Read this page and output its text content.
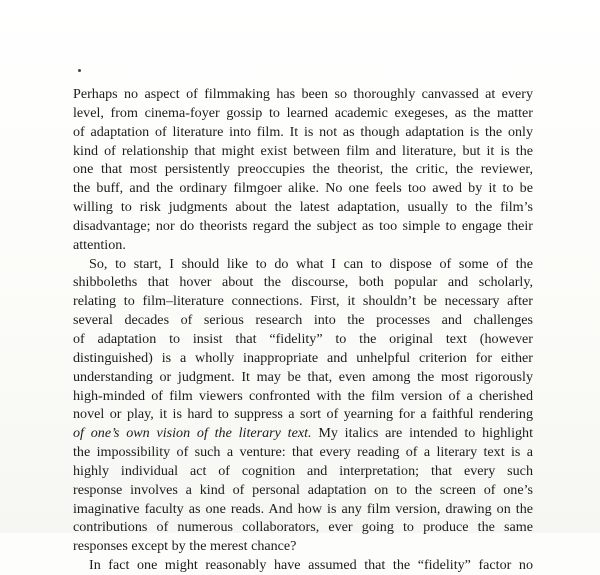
Perhaps no aspect of filmmaking has been so thoroughly canvassed at every
level, from cinema-foyer gossip to learned academic exegeses, as the matter
of adaptation of literature into film. It is not as though adaptation is the only
kind of relationship that might exist between film and literature, but it is the
one that most persistently preoccupies the theorist, the critic, the reviewer,
the buff, and the ordinary filmgoer alike. No one feels too awed by it to be
willing to risk judgments about the latest adaptation, usually to the film’s
disadvantage; nor do theorists regard the subject as too simple to engage their
attention.
So, to start, I should like to do what I can to dispose of some of the
shibboleths that hover about the discourse, both popular and scholarly,
relating to film–literature connections. First, it shouldn’t be necessary after
several decades of serious research into the processes and challenges
of adaptation to insist that “fidelity” to the original text (however
distinguished) is a wholly inappropriate and unhelpful criterion for either
understanding or judgment. It may be that, even among the most rigorously
high-minded of film viewers confronted with the film version of a cherished
novel or play, it is hard to suppress a sort of yearning for a faithful rendering
of one’s own vision of the literary text. My italics are intended to highlight
the impossibility of such a venture: that every reading of a literary text is a
highly individual act of cognition and interpretation; that every such
response involves a kind of personal adaptation on to the screen of one’s
imaginative faculty as one reads. And how is any film version, drawing on the
contributions of numerous collaborators, ever going to produce the same
responses except by the merest chance?
In fact one might reasonably have assumed that the “fidelity” factor no
